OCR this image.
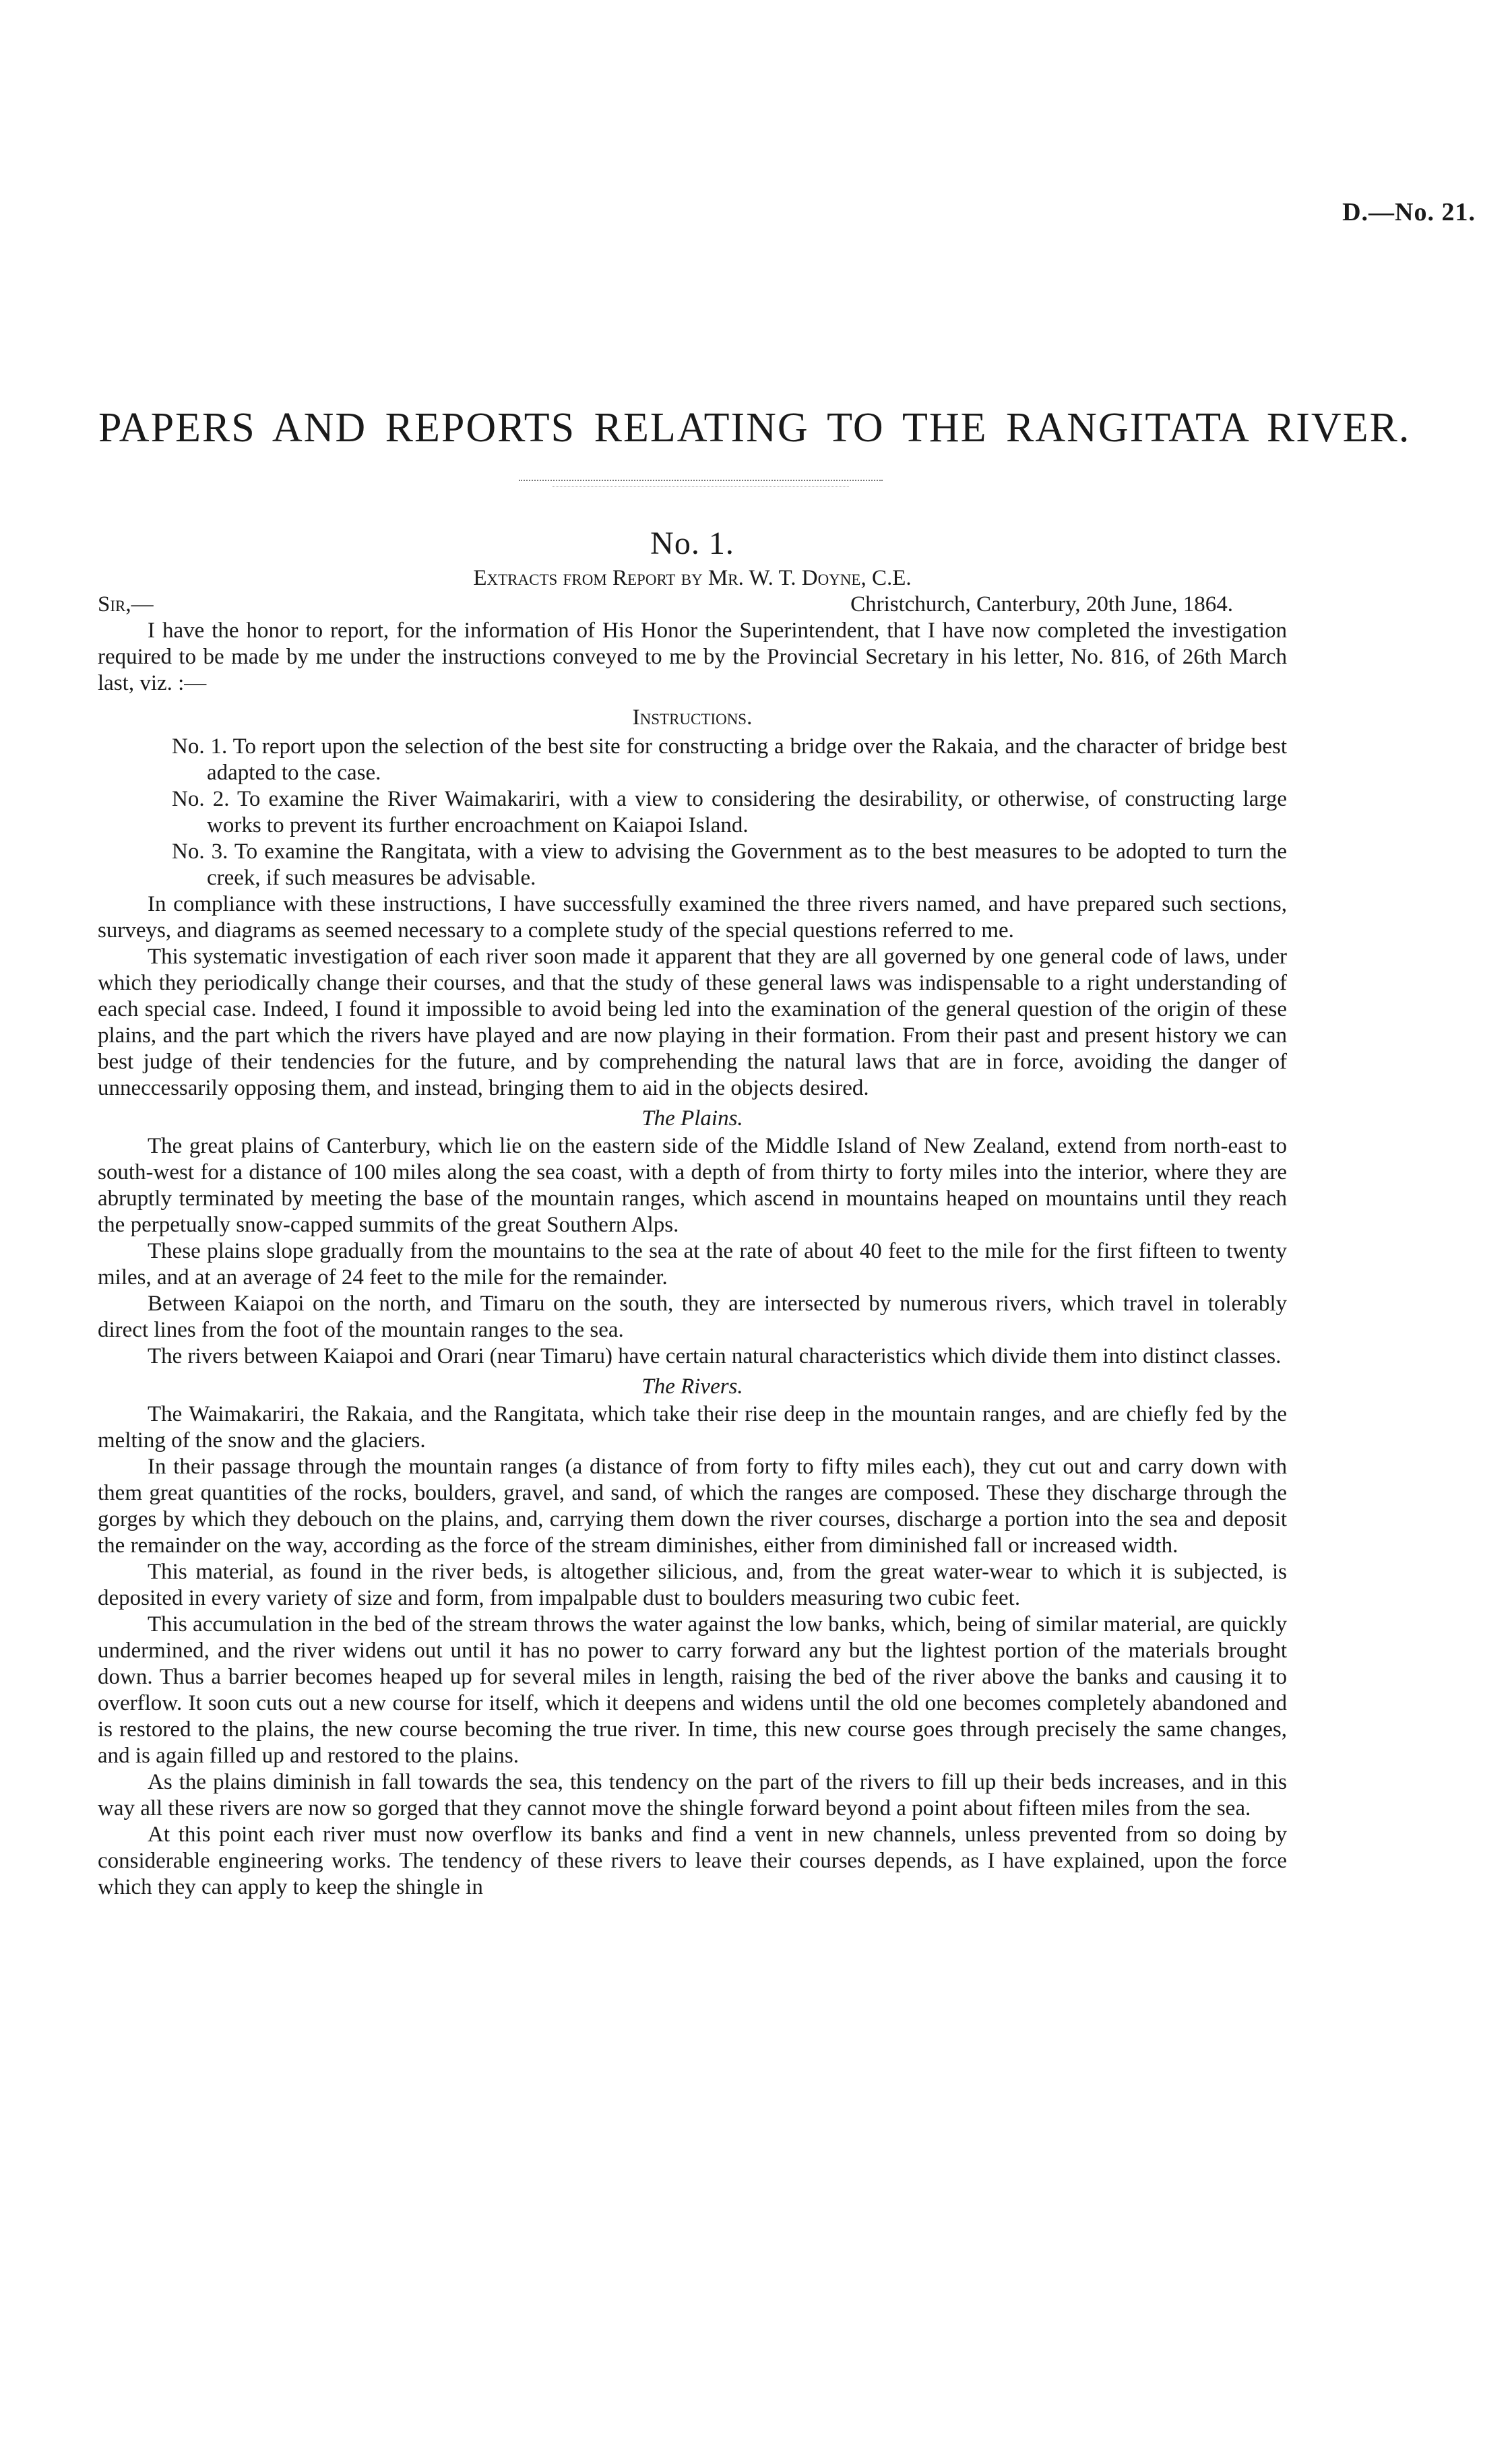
D.—No. 21.
PAPERS AND REPORTS RELATING TO THE RANGITATA RIVER.

No. 1.

Extracts from Report by Mr. W. T. Doyne, C.E.

Sir,—	Christchurch, Canterbury, 20th June, 1864.

I have the honor to report, for the information of His Honor the Superintendent, that I have now completed the investigation required to be made by me under the instructions conveyed to me by the Provincial Secretary in his letter, No. 816, of 26th March last, viz. :—

Instructions.

No. 1. To report upon the selection of the best site for constructing a bridge over the Rakaia, and the character of bridge best adapted to the case.

No. 2. To examine the River Waimakariri, with a view to considering the desirability, or otherwise, of constructing large works to prevent its further encroachment on Kaiapoi Island.

No. 3. To examine the Rangitata, with a view to advising the Government as to the best measures to be adopted to turn the creek, if such measures be advisable.

In compliance with these instructions, I have successfully examined the three rivers named, and have prepared such sections, surveys, and diagrams as seemed necessary to a complete study of the special questions referred to me.

This systematic investigation of each river soon made it apparent that they are all governed by one general code of laws, under which they periodically change their courses, and that the study of these general laws was indispensable to a right understanding of each special case. Indeed, I found it impossible to avoid being led into the examination of the general question of the origin of these plains, and the part which the rivers have played and are now playing in their formation. From their past and present history we can best judge of their tendencies for the future, and by comprehending the natural laws that are in force, avoiding the danger of unneccessarily opposing them, and instead, bringing them to aid in the objects desired.

The Plains.

The great plains of Canterbury, which lie on the eastern side of the Middle Island of New Zealand, extend from north-east to south-west for a distance of 100 miles along the sea coast, with a depth of from thirty to forty miles into the interior, where they are abruptly terminated by meeting the base of the mountain ranges, which ascend in mountains heaped on mountains until they reach the perpetually snow-capped summits of the great Southern Alps.

These plains slope gradually from the mountains to the sea at the rate of about 40 feet to the mile for the first fifteen to twenty miles, and at an average of 24 feet to the mile for the remainder.

Between Kaiapoi on the north, and Timaru on the south, they are intersected by numerous rivers, which travel in tolerably direct lines from the foot of the mountain ranges to the sea.

The rivers between Kaiapoi and Orari (near Timaru) have certain natural characteristics which divide them into distinct classes.

The Rivers.

The Waimakariri, the Rakaia, and the Rangitata, which take their rise deep in the mountain ranges, and are chiefly fed by the melting of the snow and the glaciers.

In their passage through the mountain ranges (a distance of from forty to fifty miles each), they cut out and carry down with them great quantities of the rocks, boulders, gravel, and sand, of which the ranges are composed. These they discharge through the gorges by which they debouch on the plains, and, carrying them down the river courses, discharge a portion into the sea and deposit the remainder on the way, according as the force of the stream diminishes, either from diminished fall or increased width.

This material, as found in the river beds, is altogether silicious, and, from the great water-wear to which it is subjected, is deposited in every variety of size and form, from impalpable dust to boulders measuring two cubic feet.

This accumulation in the bed of the stream throws the water against the low banks, which, being of similar material, are quickly undermined, and the river widens out until it has no power to carry forward any but the lightest portion of the materials brought down. Thus a barrier becomes heaped up for several miles in length, raising the bed of the river above the banks and causing it to overflow. It soon cuts out a new course for itself, which it deepens and widens until the old one becomes completely abandoned and is restored to the plains, the new course becoming the true river. In time, this new course goes through precisely the same changes, and is again filled up and restored to the plains.

As the plains diminish in fall towards the sea, this tendency on the part of the rivers to fill up their beds increases, and in this way all these rivers are now so gorged that they cannot move the shingle forward beyond a point about fifteen miles from the sea.

At this point each river must now overflow its banks and find a vent in new channels, unless prevented from so doing by considerable engineering works. The tendency of these rivers to leave their courses depends, as I have explained, upon the force which they can apply to keep the shingle in
